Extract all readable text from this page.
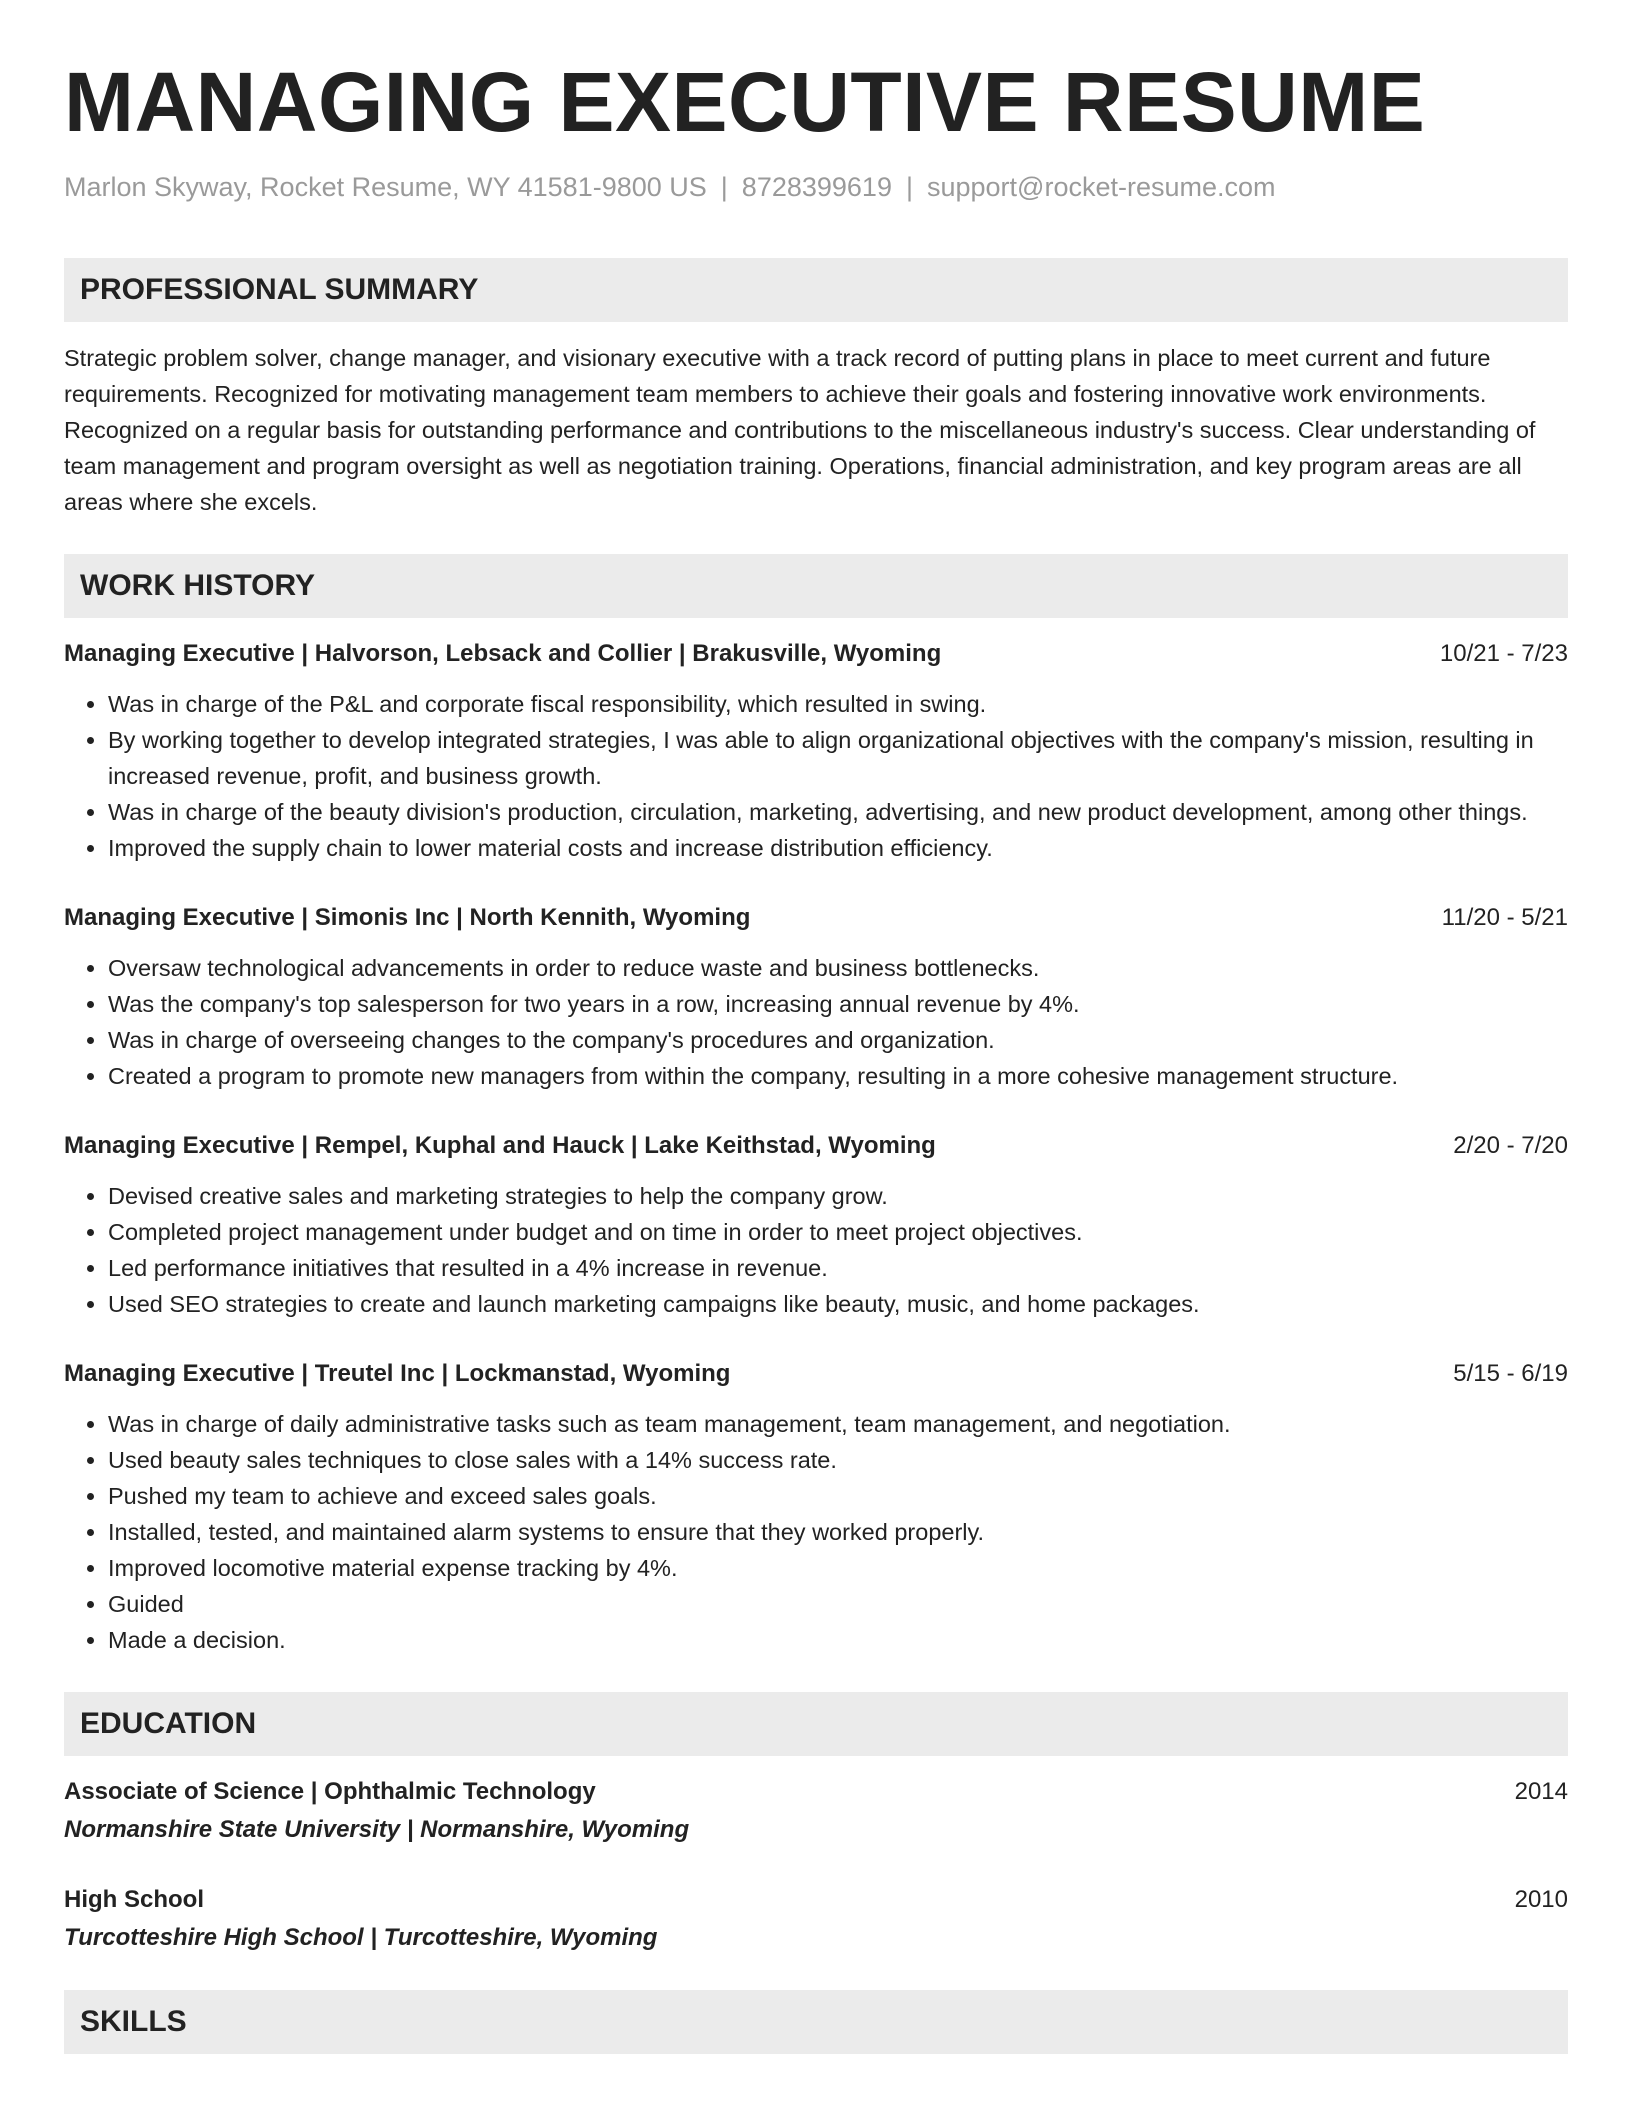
MANAGING EXECUTIVE RESUME
Marlon Skyway, Rocket Resume, WY 41581-9800 US | 8728399619 | support@rocket-resume.com
PROFESSIONAL SUMMARY
Strategic problem solver, change manager, and visionary executive with a track record of putting plans in place to meet current and future requirements. Recognized for motivating management team members to achieve their goals and fostering innovative work environments. Recognized on a regular basis for outstanding performance and contributions to the miscellaneous industry's success. Clear understanding of team management and program oversight as well as negotiation training. Operations, financial administration, and key program areas are all areas where she excels.
WORK HISTORY
Managing Executive | Halvorson, Lebsack and Collier | Brakusville, Wyoming	10/21 - 7/23
• Was in charge of the P&L and corporate fiscal responsibility, which resulted in swing.
• By working together to develop integrated strategies, I was able to align organizational objectives with the company's mission, resulting in increased revenue, profit, and business growth.
• Was in charge of the beauty division's production, circulation, marketing, advertising, and new product development, among other things.
• Improved the supply chain to lower material costs and increase distribution efficiency.
Managing Executive | Simonis Inc | North Kennith, Wyoming	11/20 - 5/21
• Oversaw technological advancements in order to reduce waste and business bottlenecks.
• Was the company's top salesperson for two years in a row, increasing annual revenue by 4%.
• Was in charge of overseeing changes to the company's procedures and organization.
• Created a program to promote new managers from within the company, resulting in a more cohesive management structure.
Managing Executive | Rempel, Kuphal and Hauck | Lake Keithstad, Wyoming	2/20 - 7/20
• Devised creative sales and marketing strategies to help the company grow.
• Completed project management under budget and on time in order to meet project objectives.
• Led performance initiatives that resulted in a 4% increase in revenue.
• Used SEO strategies to create and launch marketing campaigns like beauty, music, and home packages.
Managing Executive | Treutel Inc | Lockmanstad, Wyoming	5/15 - 6/19
• Was in charge of daily administrative tasks such as team management, team management, and negotiation.
• Used beauty sales techniques to close sales with a 14% success rate.
• Pushed my team to achieve and exceed sales goals.
• Installed, tested, and maintained alarm systems to ensure that they worked properly.
• Improved locomotive material expense tracking by 4%.
• Guided
• Made a decision.
EDUCATION
Associate of Science | Ophthalmic Technology	2014
Normanshire State University | Normanshire, Wyoming
High School	2010
Turcotteshire High School | Turcotteshire, Wyoming
SKILLS
